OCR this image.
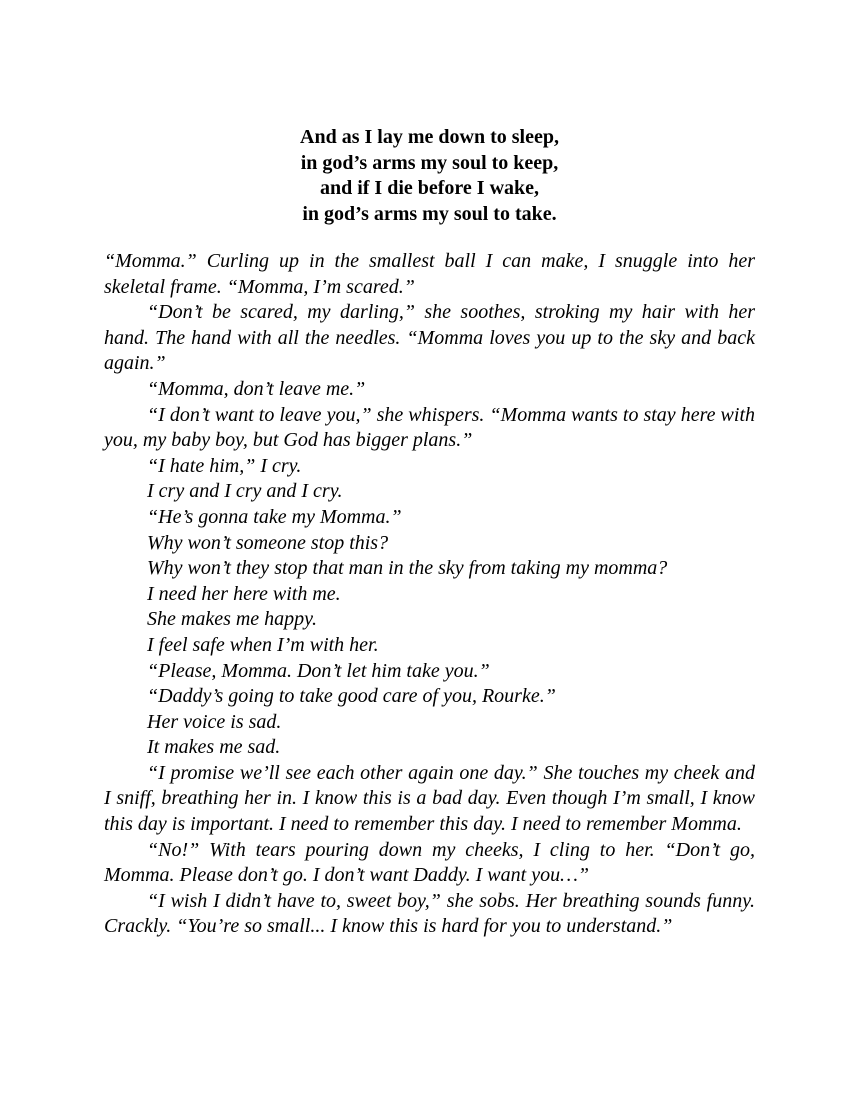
And as I lay me down to sleep,
in god’s arms my soul to keep,
and if I die before I wake,
in god’s arms my soul to take.

“Momma.” Curling up in the smallest ball I can make, I snuggle into her skeletal frame. “Momma, I’m scared.”

“Don’t be scared, my darling,” she soothes, stroking my hair with her hand. The hand with all the needles. “Momma loves you up to the sky and back again.”

“Momma, don’t leave me.”

“I don’t want to leave you,” she whispers. “Momma wants to stay here with you, my baby boy, but God has bigger plans.”

“I hate him,” I cry.

I cry and I cry and I cry.

“He’s gonna take my Momma.”

Why won’t someone stop this?

Why won’t they stop that man in the sky from taking my momma?

I need her here with me.

She makes me happy.

I feel safe when I’m with her.

“Please, Momma. Don’t let him take you.”

“Daddy’s going to take good care of you, Rourke.”

Her voice is sad.

It makes me sad.

“I promise we’ll see each other again one day.” She touches my cheek and I sniff, breathing her in. I know this is a bad day. Even though I’m small, I know this day is important. I need to remember this day. I need to remember Momma.

“No!” With tears pouring down my cheeks, I cling to her. “Don’t go, Momma. Please don’t go. I don’t want Daddy. I want you…”

“I wish I didn’t have to, sweet boy,” she sobs. Her breathing sounds funny. Crackly. “You’re so small... I know this is hard for you to understand.”
